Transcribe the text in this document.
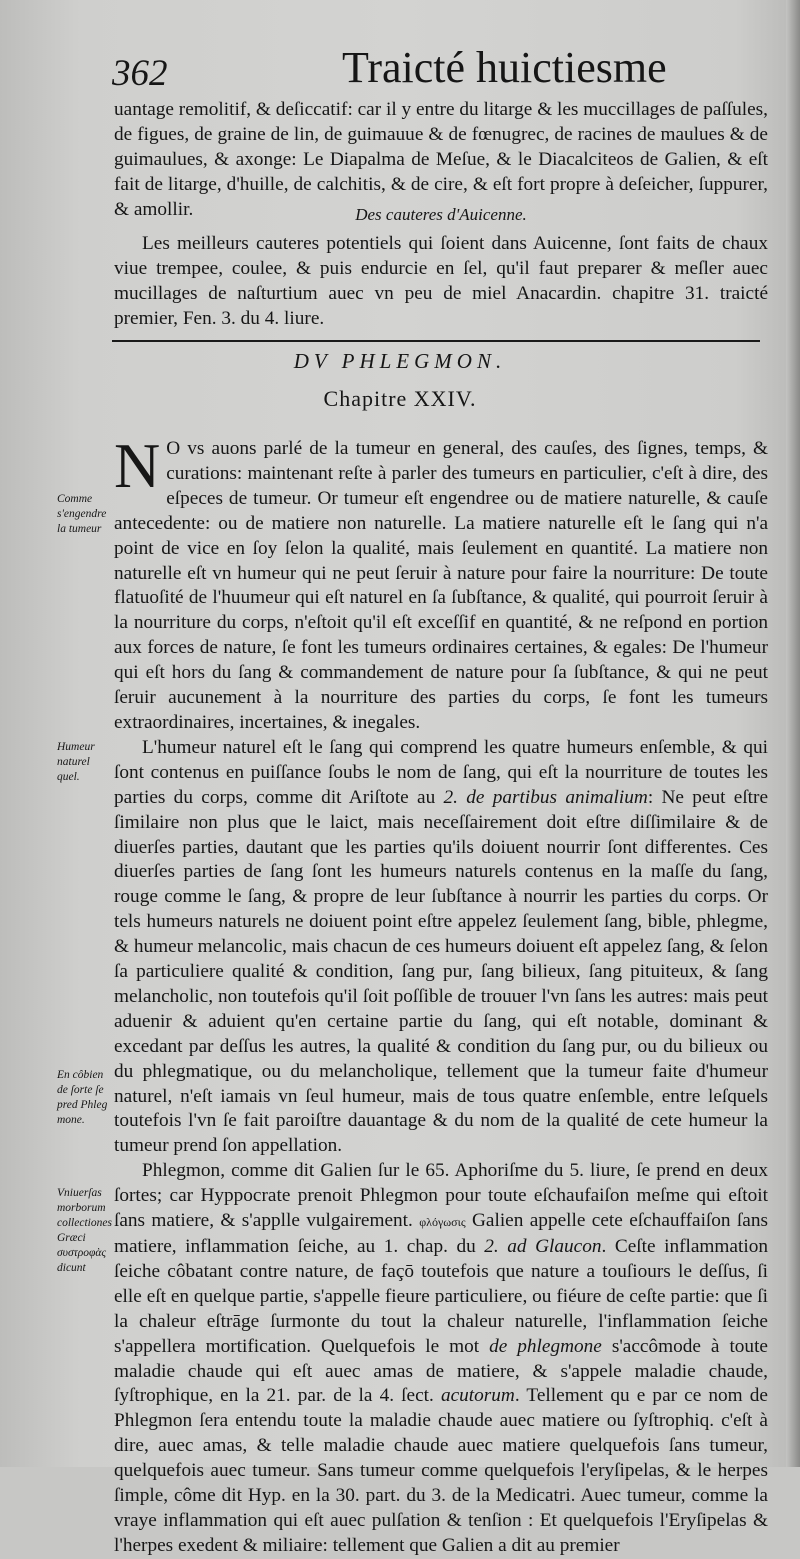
362	Traicté huictiesme

uantage remolitif, & deſiccatif: car il y entre du litarge & les muccillages de paſſules, de figues, de graine de lin, de guimauue & de fœnugrec, de racines de maulues & de guimaulues, & axonge: Le Diapalma de Meſue, & le Diacalciteos de Galien, & eſt fait de litarge, d'huille, de calchitis, & de cire, & eſt fort propre à deſeicher, ſuppurer, & amollir.	Des cauteres d'Auicenne.

Les meilleurs cauteres potentiels qui ſoient dans Auicenne, ſont faits de chaux viue trempee, coulee, & puis endurcie en ſel, qu'il faut preparer & meſler auec mucillages de naſturtium auec vn peu de miel Anacardin. chapitre 31. traicté premier, Fen. 3. du 4. liure.

DV PHLEGMON.
Chapitre XXIV.

N O vs auons parlé de la tumeur en general, des cauſes, des ſignes, temps, & curations: maintenant reſte à parler des tumeurs en particulier, c'eſt à dire, des eſpeces de tumeur. Or tumeur eſt engendree ou de matiere naturelle, & cauſe antecedente: ou de matiere non naturelle. La matiere naturelle eſt le ſang qui n'a point de vice en ſoy ſelon la qualité, mais ſeulement en quantité. La matiere non naturelle eſt vn humeur qui ne peut ſeruir à nature pour faire la nourriture: De toute flatuoſité de l'huumeur qui eſt naturel en ſa ſubſtance, & qualité, qui pourroit ſeruir à la nourriture du corps, n'eſtoit qu'il eſt exceſſif en quantité, & ne reſpond en portion aux forces de nature, ſe font les tumeurs ordinaires certaines, & egales: De l'humeur qui eſt hors du ſang & commandement de nature pour ſa ſubſtance, & qui ne peut ſeruir aucunement à la nourriture des parties du corps, ſe font les tumeurs extraordinaires, incertaines, & inegales.

L'humeur naturel eſt le ſang qui comprend les quatre humeurs enſemble, & qui ſont contenus en puiſſance ſoubs le nom de ſang, qui eſt la nourriture de toutes les parties du corps, comme dit Ariſtote au 2. de partibus animalium: Ne peut eſtre ſimilaire non plus que le laict, mais neceſſairement doit eſtre diſſimilaire & de diuerſes parties, dautant que les parties qu'ils doiuent nourrir ſont differentes. Ces diuerſes parties de ſang ſont les humeurs naturels contenus en la maſſe du ſang, rouge comme le ſang, & propre de leur ſubſtance à nourrir les parties du corps. Or tels humeurs naturels ne doiuent point eſtre appelez ſeulement ſang, bible, phlegme, & humeur melancolic, mais chacun de ces humeurs doiuent eſt appelez ſang, & ſelon ſa particuliere qualité & condition, ſang pur, ſang bilieux, ſang pituiteux, & ſang melancholic, non toutefois qu'il ſoit poſſible de trouuer l'vn ſans les autres: mais peut aduenir & aduient qu'en certaine partie du ſang, qui eſt notable, dominant & excedant par deſſus les autres, la qualité & condition du ſang pur, ou du bilieux ou du phlegmatique, ou du melancholique, tellement que la tumeur faite d'humeur naturel, n'eſt iamais vn ſeul humeur, mais de tous quatre enſemble, entre leſquels toutefois l'vn ſe fait paroiſtre dauantage & du nom de la qualité de cete humeur la tumeur prend ſon appellation.

Phlegmon, comme dit Galien ſur le 65. Aphoriſme du 5. liure, ſe prend en deux ſortes; car Hyppocrate prenoit Phlegmon pour toute eſchaufaiſon meſme qui eſtoit ſans matiere, & s'applle vulgairement. φλόγωσις Galien appelle cete eſchauffaiſon ſans matiere, inflammation ſeiche, au 1. chap. du 2. ad Glaucon. Ceſte inflammation ſeiche côbatant contre nature, de façō toutefois que nature a touſiours le deſſus, ſi elle eſt en quelque partie, s'appelle fieure particuliere, ou fiéure de ceſte partie: que ſi la chaleur eſtrāge ſurmonte du tout la chaleur naturelle, l'inflammation ſeiche s'appellera mortification. Quelquefois le mot de phlegmone s'accômode à toute maladie chaude qui eſt auec amas de matiere, & s'appele maladie chaude, ſyſtrophique, en la 21. par. de la 4. ſect. acutorum. Tellement qu e par ce nom de Phlegmon ſera entendu toute la maladie chaude auec matiere ou ſyſtrophiq. c'eſt à dire, auec amas, & telle maladie chaude auec matiere quelquefois ſans tumeur, quelquefois auec tumeur. Sans tumeur comme quelquefois l'eryſipelas, & le herpes ſimple, côme dit Hyp. en la 30. part. du 3. de la Medicatri. Auec tumeur, comme la vraye inflammation qui eſt auec pulſation & tenſion : Et quelquefois l'Eryſipelas & l'herpes exedent & miliaire: tellement que Galien a dit au premier

Comme s'engendre la tumeur
Humeur naturel quel.
En côbien de ſorte ſe pred Phleg mone.
Vniuerſas morborum collectiones Græci συστροφὰς dicunt
